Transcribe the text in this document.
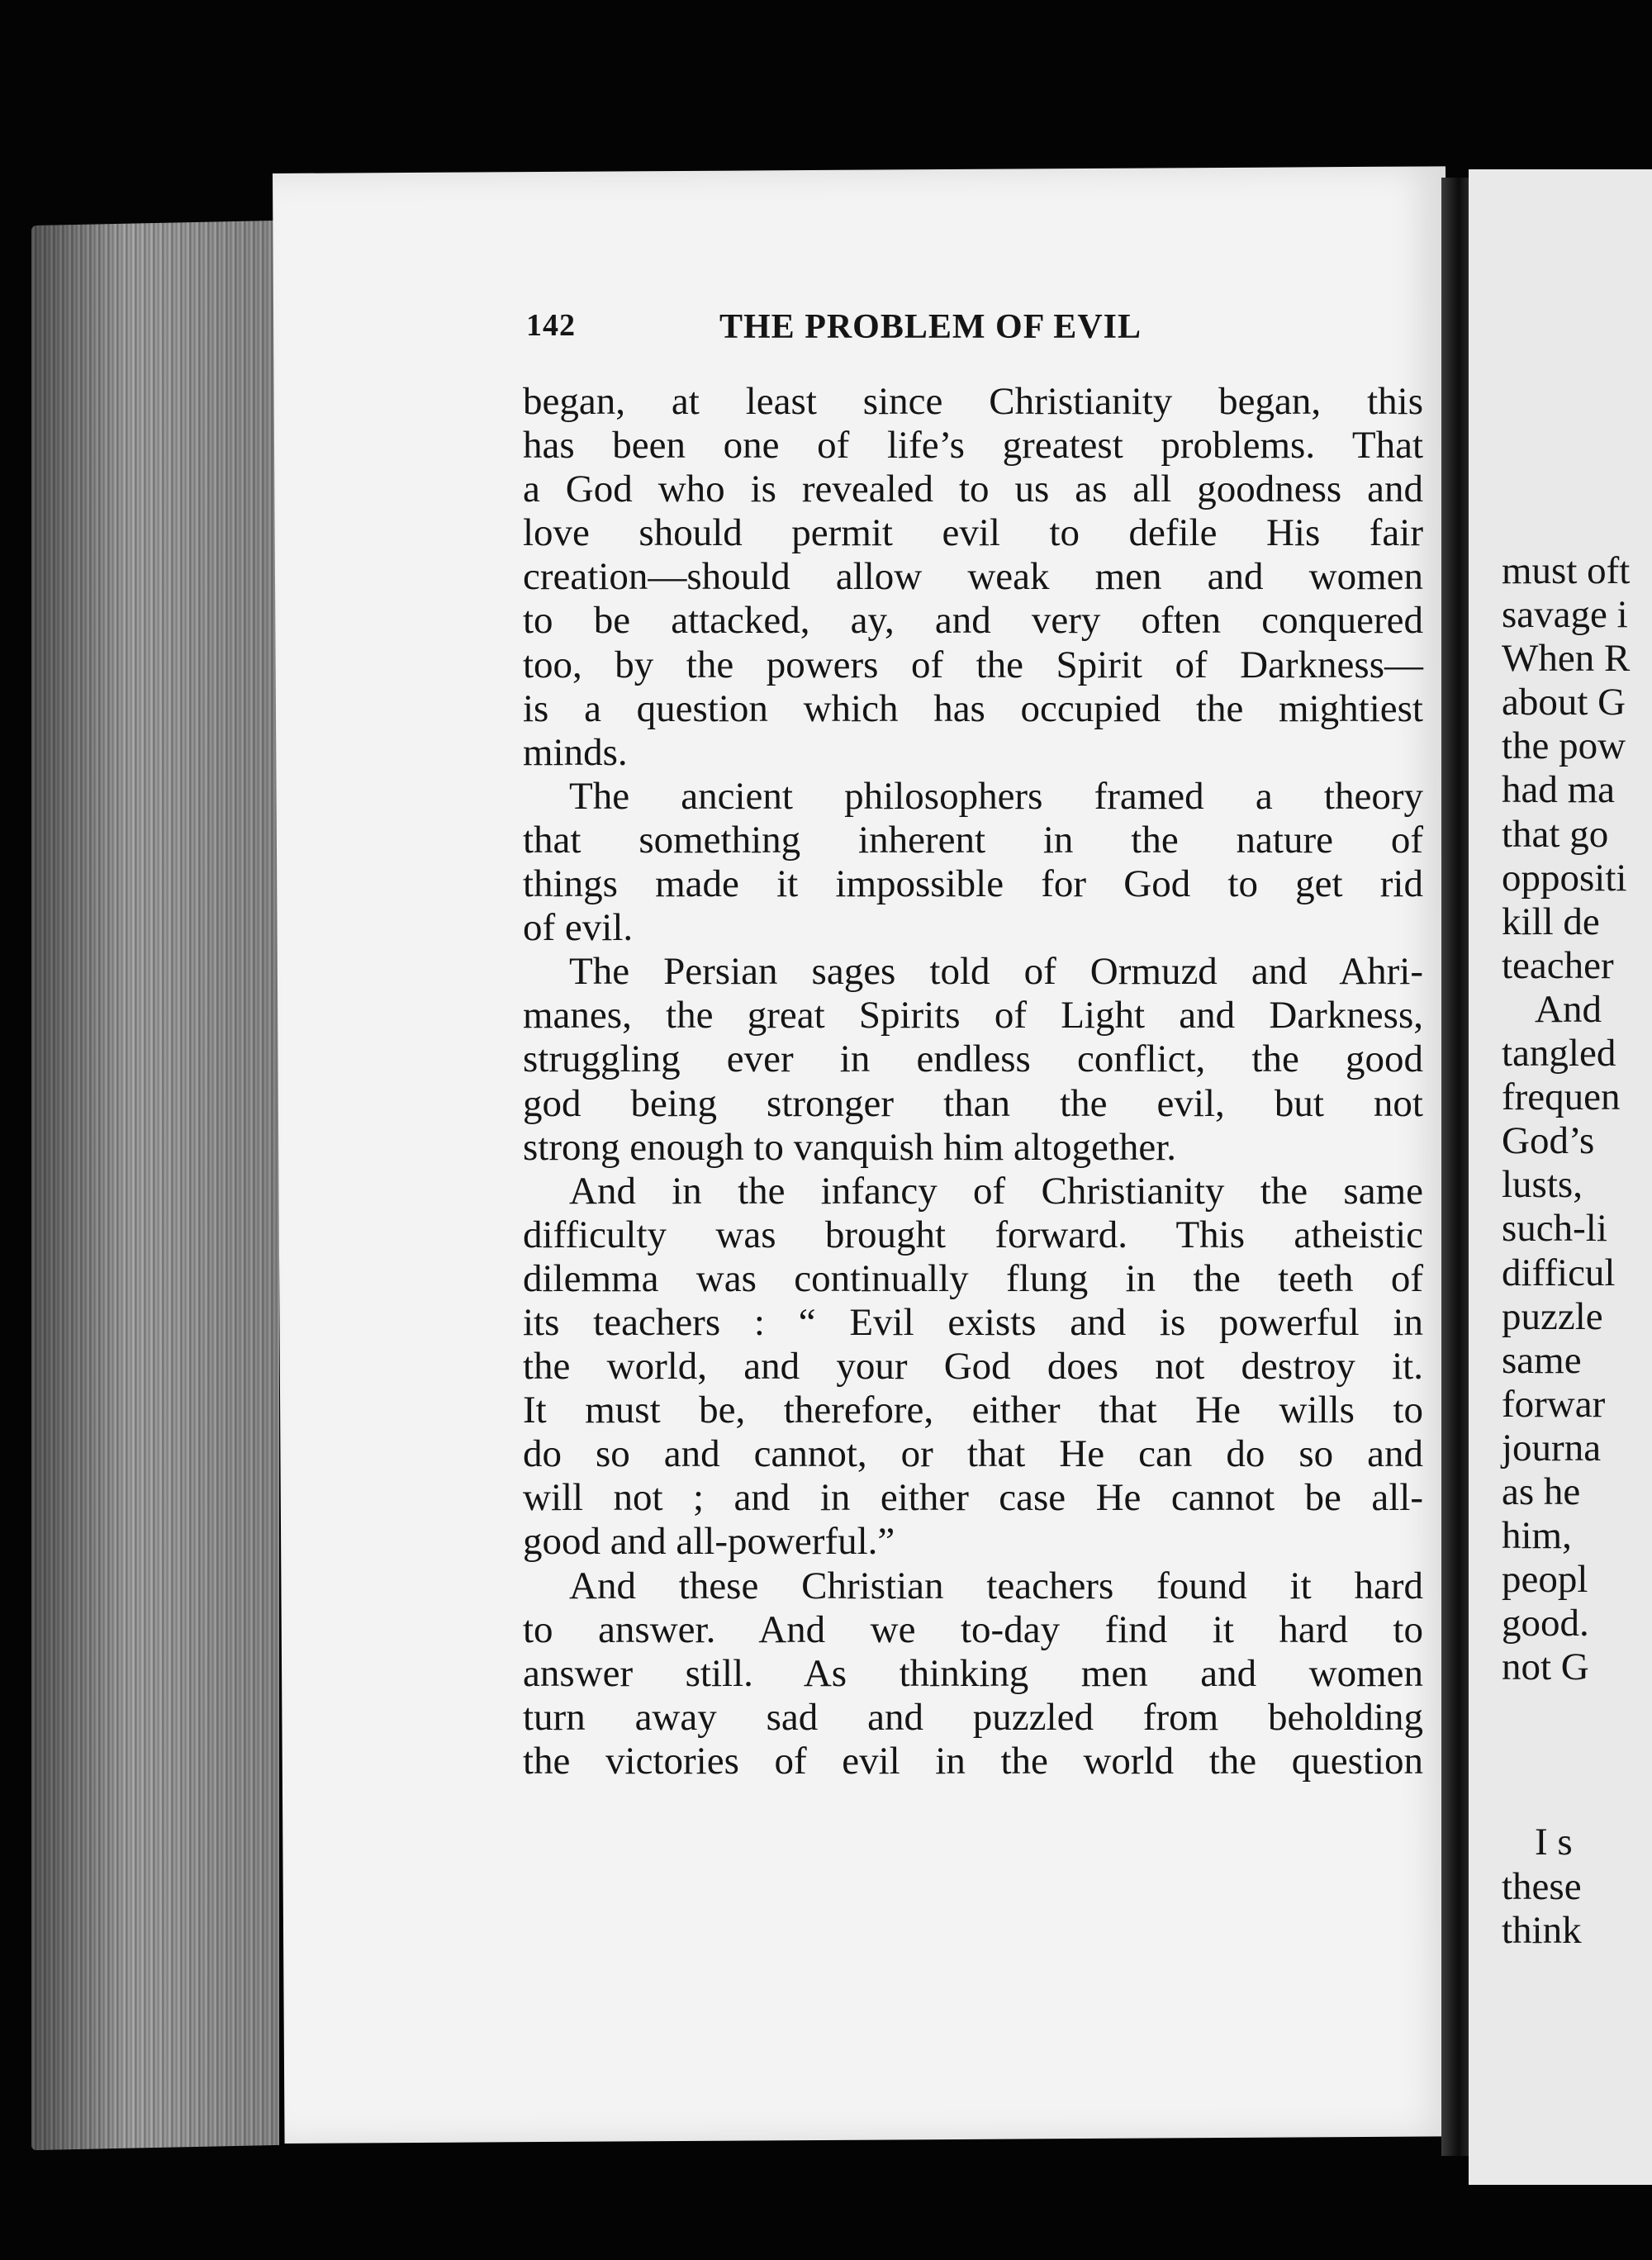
must oft
savage i
When R
about G
the pow
had ma
that go
oppositi
kill de
teacher
And
tangled
frequen
God’s
lusts,
such-li
difficul
puzzle
same
forwar
journa
as he
him,
peopl
good.
not G
I s
these
think
142	THE PROBLEM OF EVIL
began, at least since Christianity began, this
has been one of life’s greatest problems. That
a God who is revealed to us as all goodness and
love should permit evil to defile His fair
creation—should allow weak men and women
to be attacked, ay, and very often conquered
too, by the powers of the Spirit of Darkness—
is a question which has occupied the mightiest
minds.
The ancient philosophers framed a theory
that something inherent in the nature of
things made it impossible for God to get rid
of evil.
The Persian sages told of Ormuzd and Ahri-
manes, the great Spirits of Light and Darkness,
struggling ever in endless conflict, the good
god being stronger than the evil, but not
strong enough to vanquish him altogether.
And in the infancy of Christianity the same
difficulty was brought forward. This atheistic
dilemma was continually flung in the teeth of
its teachers : “ Evil exists and is powerful in
the world, and your God does not destroy it.
It must be, therefore, either that He wills to
do so and cannot, or that He can do so and
will not ; and in either case He cannot be all-
good and all-powerful.”
And these Christian teachers found it hard
to answer. And we to-day find it hard to
answer still. As thinking men and women
turn away sad and puzzled from beholding
the victories of evil in the world the question
